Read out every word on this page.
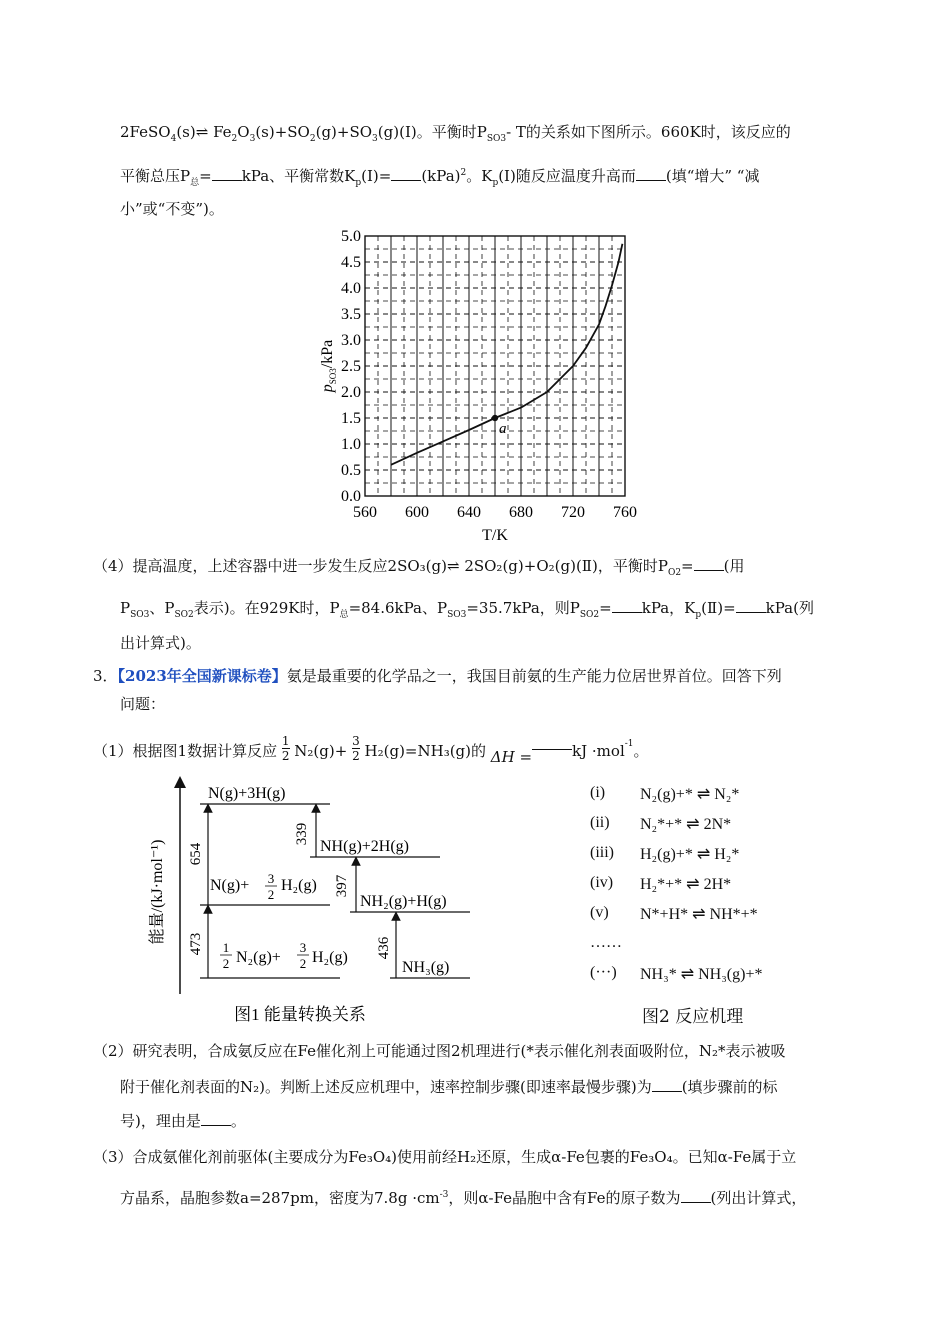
2FeSO$_4$(s)⇌ $Fe_2O_3(s)+SO_2(g)+SO_3(g)(I)$。平衡时$P_{SO3}-$ T的关系如下图所示。660K时，该反应的
平衡总压$P_总=$ kPa、平衡常数$K_p(Ⅰ)= (kPa)^2$。$K_p(Ⅰ)$随反应温度升高而 (填“增大” “减
小”或“不变”)。
560 600 640 680 720 760
0.0
0.5
1.0
1.5
2.0
2.5
3.0
3.5
4.0
4.5
5.0
T/K
$p_{SO3}$/kPa
a
（4）提高温度，上述容器中进一步发生反应2SO₃(g)⇌ 2SO₂(g)+O₂(g)(Ⅱ)，平衡时$P_{O2}=$ (用
$P_{SO3}$、$P_{SO2}$表示)。在929K时，$P_总=84.6kPa$、$P_{SO3}=35.7kPa$，则$P_{SO2}=$ kPa，$K_p(Ⅱ)= kPa$(列
出计算式)。
3．【2023年全国新课标卷】氨是最重要的化学品之一，我国目前氨的生产能力位居世界首位。回答下列
问题：
（1）根据图1数据计算反应 $\frac{1}{2} N_2(g)+ \frac{3}{2} H_2(g)=NH_3(g)$的 ΔH =	kJ ·mol$^{-1}$。
能量/(kJ·mol⁻¹)
N(g)+3H(g)
NH(g)+2H(g)
N(g)+ 3
2
H₂(g)
NH₂(g)+H(g)
1
2 N₂(g)+
3
2 H₂(g)
NH₃(g)
654
339
397
473	436
图1 能量转换关系
(i)	N₂(g)+* ⇌ N₂*
(ii)	N₂*+* ⇌ 2N*
(iii)	H₂(g)+* ⇌ H₂*
(iv)	H₂*+* ⇌ 2H*
(v)	N*+H* ⇌ NH*+*
……
(···)	NH₃* ⇌ NH₃(g)+*
图2 反应机理
（2）研究表明，合成氨反应在Fe催化剂上可能通过图2机理进行(*表示催化剂表面吸附位，N₂*表示被吸
附于催化剂表面的N₂)。判断上述反应机理中，速率控制步骤(即速率最慢步骤)为 (填步骤前的标
号)，理由是 。
（3）合成氨催化剂前驱体(主要成分为Fe₃O₄)使用前经H₂还原，生成α-Fe包裹的Fe₃O₄。已知α-Fe属于立
方晶系，晶胞参数a=287pm，密度为$7.8g \cdot cm^{-3}$，则α-Fe晶胞中含有Fe的原子数为 (列出计算式，
